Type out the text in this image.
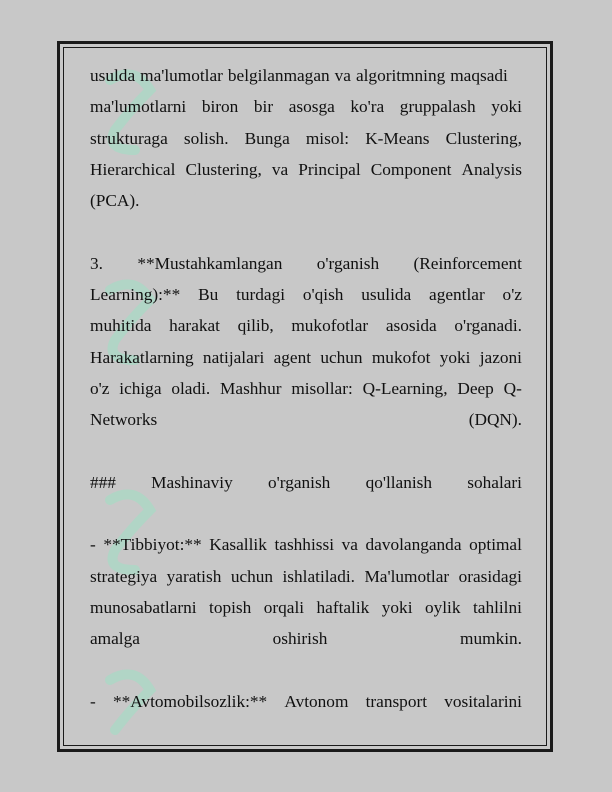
usulda ma'lumotlar belgilanmagan va algoritmning maqsadi
ma'lumotlarni biron bir asosga ko'ra gruppalash yoki
strukturaga solish. Bunga misol: K-Means Clustering,
Hierarchical Clustering, va Principal Component Analysis
(PCA).
3. **Mustahkamlangan o'rganish (Reinforcement
Learning):** Bu turdagi o'qish usulida agentlar o'z
muhitida harakat qilib, mukofotlar asosida o'rganadi.
Harakatlarning natijalari agent uchun mukofot yoki jazoni
o'z ichiga oladi. Mashhur misollar: Q-Learning, Deep Q-
Networks	(DQN).
### Mashinaviy o'rganish qo'llanish sohalari
- **Tibbiyot:** Kasallik tashhissi va davolanganda optimal
strategiya yaratish uchun ishlatiladi. Ma'lumotlar orasidagi
munosabatlarni topish orqali haftalik yoki oylik tahlilni
amalga	oshirish	mumkin.
- **Avtomobilsozlik:** Avtonom transport vositalarini
